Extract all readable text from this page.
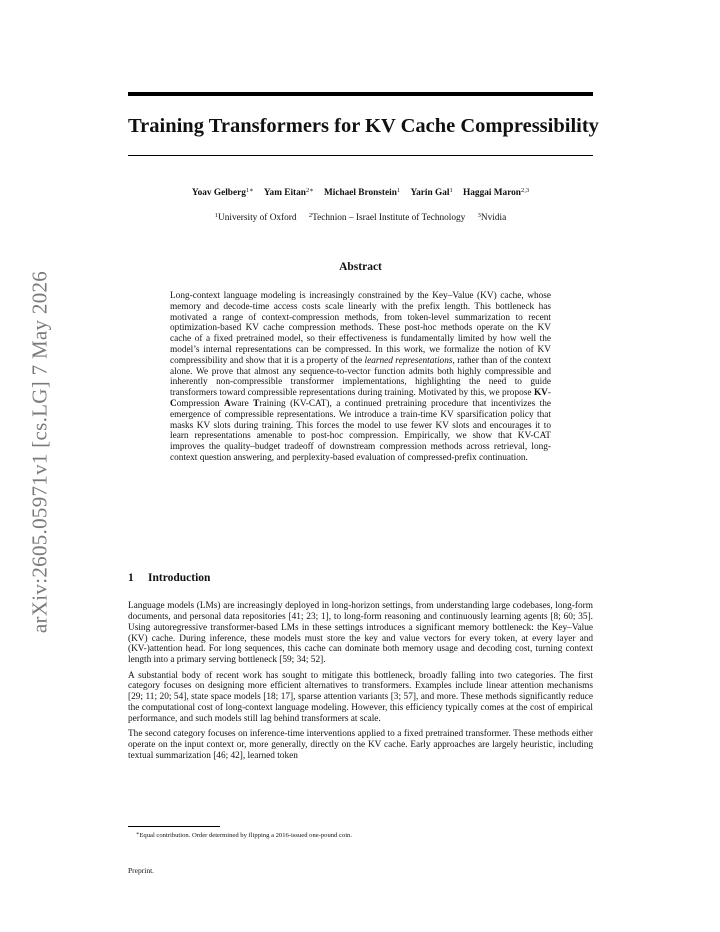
Training Transformers for KV Cache Compressibility
Yoav Gelberg$^{1∗}$ Yam Eitan$^{2∗}$ Michael Bronstein$^1$ Yarin Gal$^1$ Haggai Maron$^{2,3}$
$^1$University of Oxford $^2$Technion – Israel Institute of Technology $^3$Nvidia
arXiv:2605.05971v1 [cs.LG] 7 May 2026
Abstract

Long-context language modeling is increasingly constrained by the Key–Value (KV) cache, whose memory and decode-time access costs scale linearly with the prefix length. This bottleneck has motivated a range of context-compression methods, from token-level summarization to recent optimization-based KV cache compression methods. These post-hoc methods operate on the KV cache of a fixed pretrained model, so their effectiveness is fundamentally limited by how well the model’s internal representations can be compressed. In this work, we formalize the notion of KV compressibility and show that it is a property of the learned representations, rather than of the context alone. We prove that almost any sequence-to-vector function admits both highly compressible and inherently non-compressible transformer implementations, highlighting the need to guide transformers toward compressible representations during training. Motivated by this, we propose KV-Compression Aware Training (KV-CAT), a continued pretraining procedure that incentivizes the emergence of compressible representations. We introduce a train-time KV sparsification policy that masks KV slots during training. This forces the model to use fewer KV slots and encourages it to learn representations amenable to post-hoc compression. Empirically, we show that KV-CAT improves the quality–budget tradeoff of downstream compression methods across retrieval, long-context question answering, and perplexity-based evaluation of compressed-prefix continuation.

1 Introduction

Language models (LMs) are increasingly deployed in long-horizon settings, from understanding large codebases, long-form documents, and personal data repositories [41; 23; 1], to long-form reasoning and continuously learning agents [8; 60; 35]. Using autoregressive transformer-based LMs in these settings introduces a significant memory bottleneck: the Key–Value (KV) cache. During inference, these models must store the key and value vectors for every token, at every layer and (KV-)attention head. For long sequences, this cache can dominate both memory usage and decoding cost, turning context length into a primary serving bottleneck [59; 34; 52].

A substantial body of recent work has sought to mitigate this bottleneck, broadly falling into two categories. The first category focuses on designing more efficient alternatives to transformers. Examples include linear attention mechanisms [29; 11; 20; 54], state space models [18; 17], sparse attention variants [3; 57], and more. These methods significantly reduce the computational cost of long-context language modeling. However, this efficiency typically comes at the cost of empirical performance, and such models still lag behind transformers at scale.

The second category focuses on inference-time interventions applied to a fixed pretrained transformer. These methods either operate on the input context or, more generally, directly on the KV cache. Early approaches are largely heuristic, including textual summarization [46; 42], learned token

∗Equal contribution. Order determined by flipping a 2016-issued one-pound coin.
Preprint.
